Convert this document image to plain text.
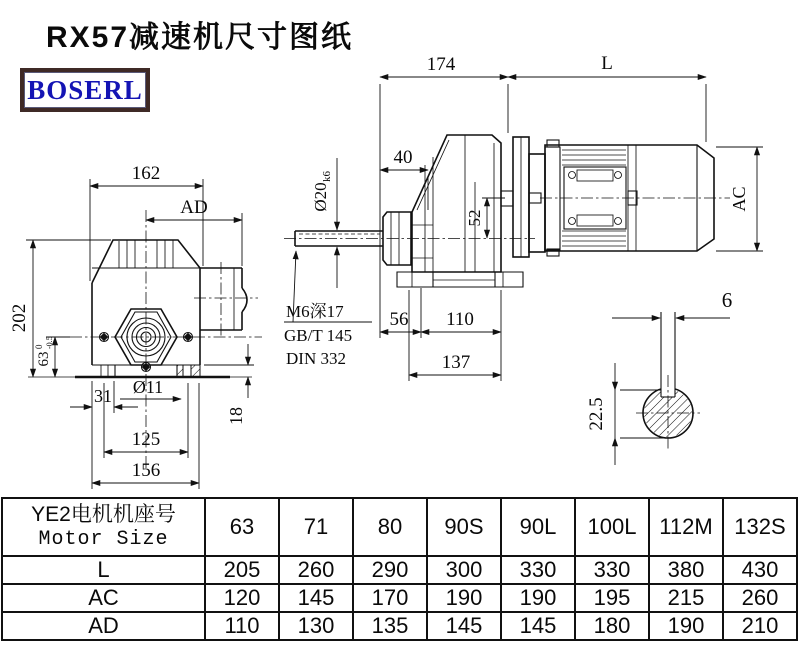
RX57减速机尺寸图纸
BOSERL
162
AD
202
63
0 -0.5
31 Ø11
125
156
18
174	L
40
Ø20
k6
52
M6深17
GB/T 145
DIN 332
56 110
137
AC
6
22.5
YE2电机机座号
Motor Size	63	71	80	90S	90L	100L	112M	132S
L	205	260	290	300	330	330	380	430
AC	120	145	170	190	190	195	215	260
AD	110	130	135	145	145	180	190	210
